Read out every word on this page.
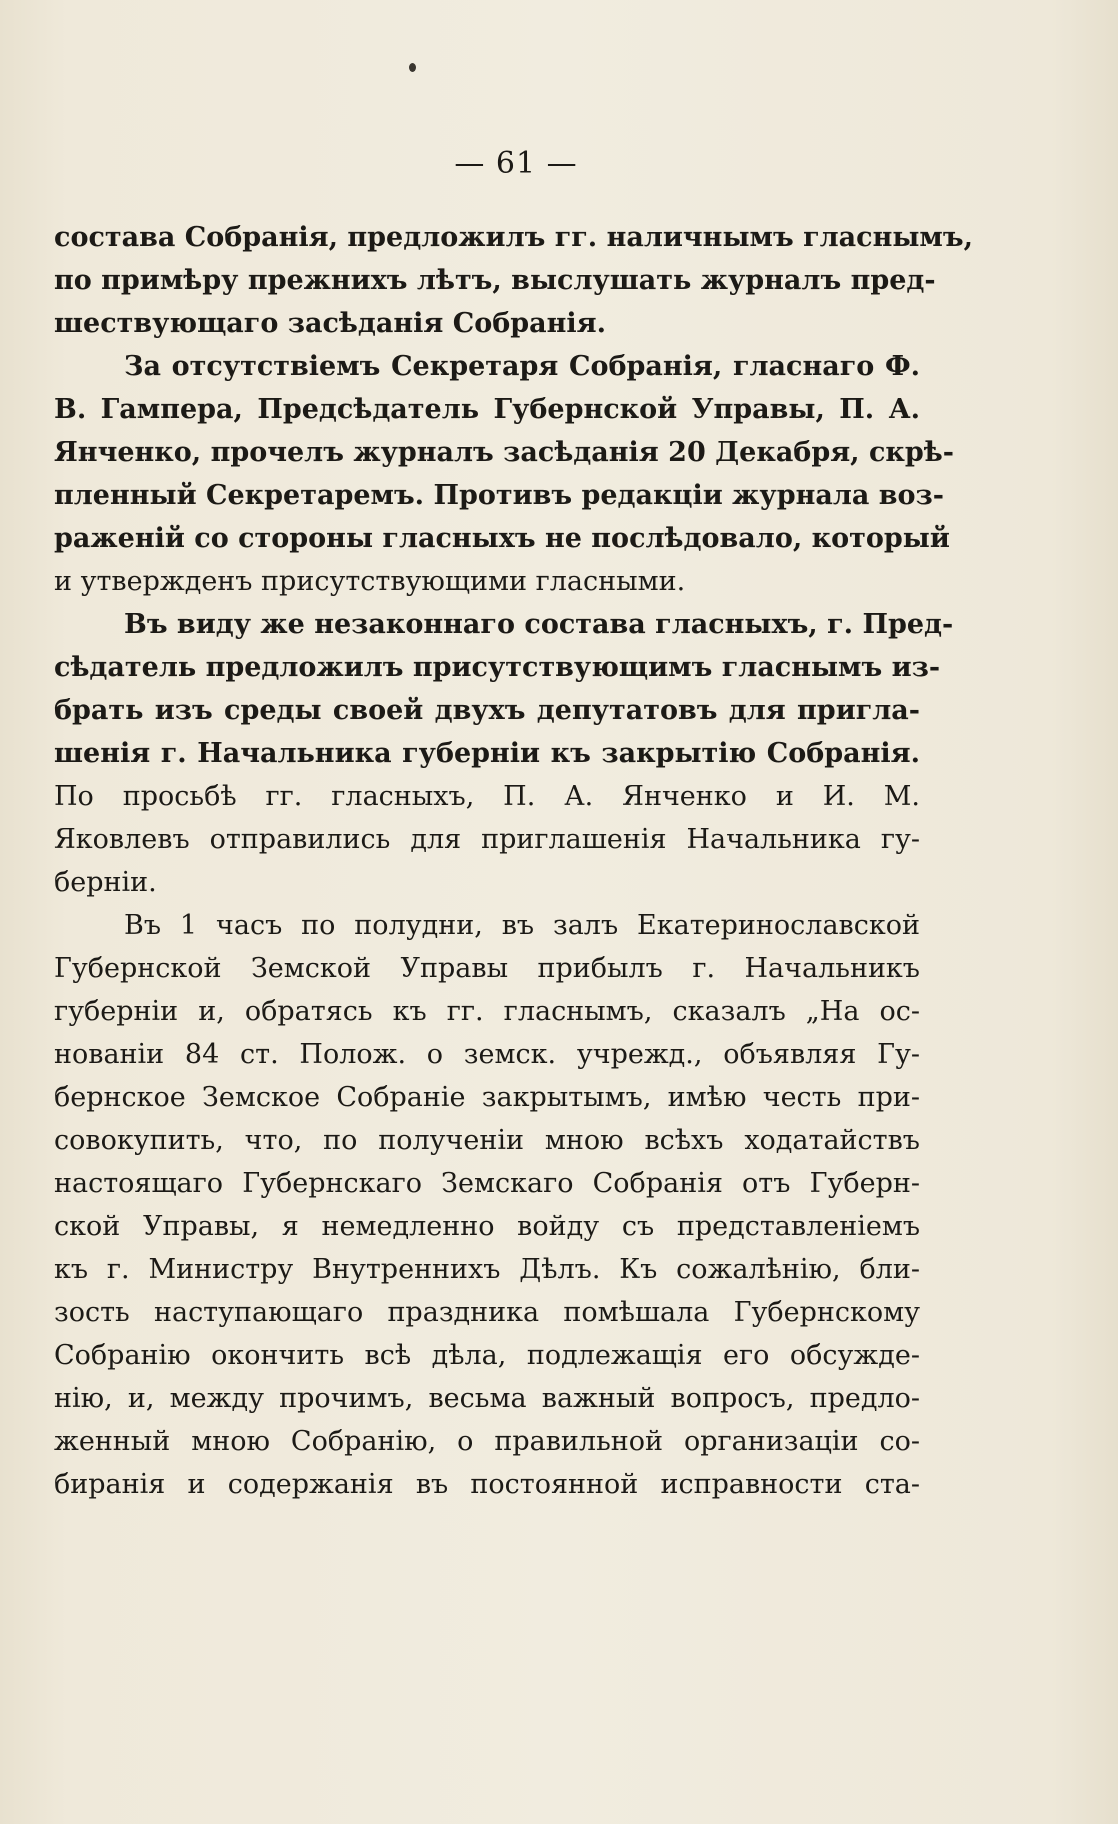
— 61 —
состава Собранія, предложилъ гг. наличнымъ гласнымъ,
по примѣру прежнихъ лѣтъ, выслушать журналъ пред-
шествующаго засѣданія Собранія.
За отсутствіемъ Секретаря Собранія, гласнаго Ф.
В. Гампера, Предсѣдатель Губернской Управы, П. А.
Янченко, прочелъ журналъ засѣданія 20 Декабря, скрѣ-
пленный Секретаремъ. Противъ редакціи журнала воз-
раженій со стороны гласныхъ не послѣдовало, который
и утвержденъ присутствующими гласными.
Въ виду же незаконнаго состава гласныхъ, г. Пред-
сѣдатель предложилъ присутствующимъ гласнымъ из-
брать изъ среды своей двухъ депутатовъ для пригла-
шенія г. Начальника губерніи къ закрытію Собранія.
По просьбѣ гг. гласныхъ, П. А. Янченко и И. М.
Яковлевъ отправились для приглашенія Начальника гу-
берніи.
Въ 1 часъ по полудни, въ залъ Екатеринославской
Губернской Земской Управы прибылъ г. Начальникъ
губерніи и, обратясь къ гг. гласнымъ, сказалъ „На ос-
нованіи 84 ст. Полож. о земск. учрежд., объявляя Гу-
бернское Земское Собраніе закрытымъ, имѣю честь при-
совокупить, что, по полученіи мною всѣхъ ходатайствъ
настоящаго Губернскаго Земскаго Собранія отъ Губерн-
ской Управы, я немедленно войду съ представленіемъ
къ г. Министру Внутреннихъ Дѣлъ. Къ сожалѣнію, бли-
зость наступающаго праздника помѣшала Губернскому
Собранію окончить всѣ дѣла, подлежащія его обсужде-
нію, и, между прочимъ, весьма важный вопросъ, предло-
женный мною Собранію, о правильной организаціи со-
биранія и содержанія въ постоянной исправности ста-
